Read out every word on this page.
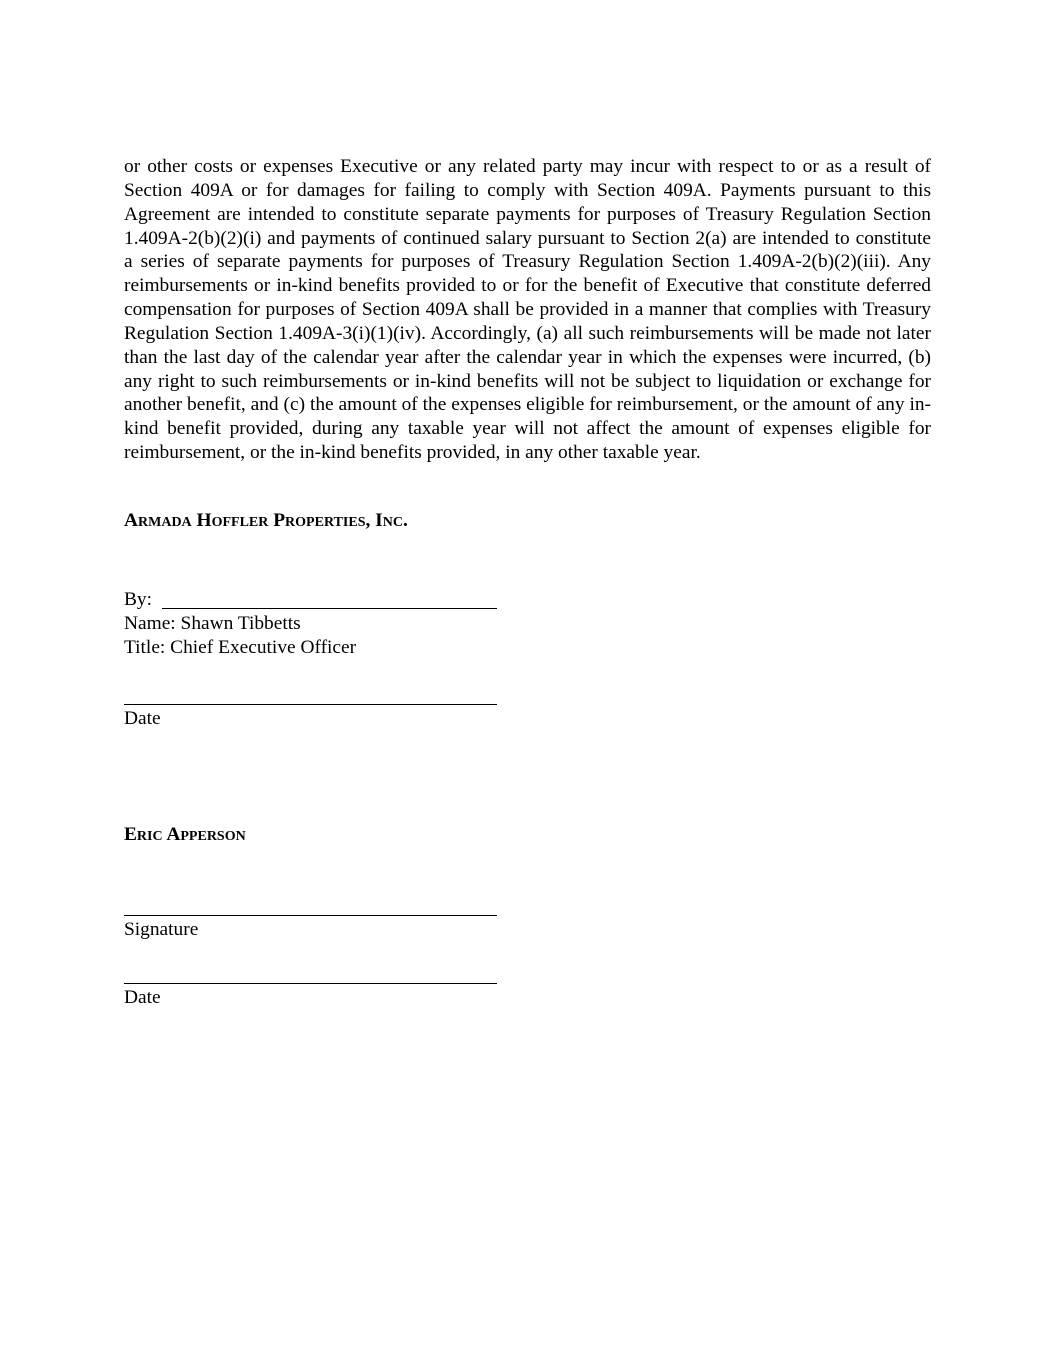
or other costs or expenses Executive or any related party may incur with respect to or as a result of Section 409A or for damages for failing to comply with Section 409A. Payments pursuant to this Agreement are intended to constitute separate payments for purposes of Treasury Regulation Section 1.409A-2(b)(2)(i) and payments of continued salary pursuant to Section 2(a) are intended to constitute a series of separate payments for purposes of Treasury Regulation Section 1.409A-2(b)(2)(iii). Any reimbursements or in-kind benefits provided to or for the benefit of Executive that constitute deferred compensation for purposes of Section 409A shall be provided in a manner that complies with Treasury Regulation Section 1.409A-3(i)(1)(iv). Accordingly, (a) all such reimbursements will be made not later than the last day of the calendar year after the calendar year in which the expenses were incurred, (b) any right to such reimbursements or in-kind benefits will not be subject to liquidation or exchange for another benefit, and (c) the amount of the expenses eligible for reimbursement, or the amount of any in-kind benefit provided, during any taxable year will not affect the amount of expenses eligible for reimbursement, or the in-kind benefits provided, in any other taxable year.

Armada Hoffler Properties, Inc.
By:
Name: Shawn Tibbetts
Title: Chief Executive Officer
Date
Eric Apperson
Signature
Date
